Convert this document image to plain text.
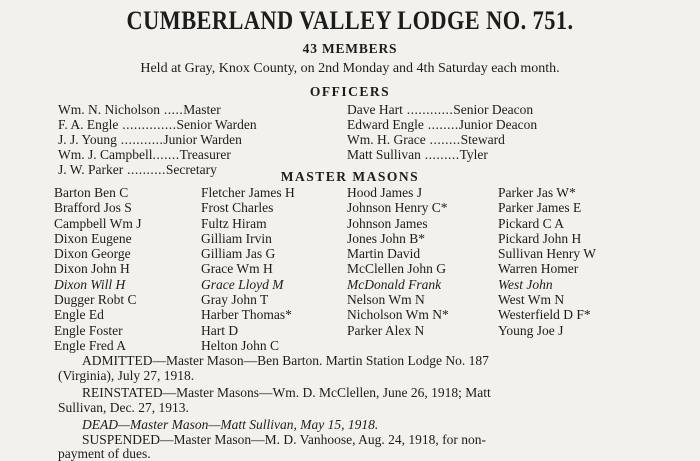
CUMBERLAND VALLEY LODGE NO. 751.
43 MEMBERS
Held at Gray, Knox County, on 2nd Monday and 4th Saturday each month.
OFFICERS
Wm. N. Nicholson .....Master
F. A. Engle ..............Senior Warden
J. J. Young ...........Junior Warden
Wm. J. Campbell.......Treasurer
J. W. Parker ..........Secretary
Dave Hart ............Senior Deacon
Edward Engle ........Junior Deacon
Wm. H. Grace ........Steward
Matt Sullivan .........Tyler
MASTER MASONS
Barton Ben C
Brafford Jos S
Campbell Wm J
Dixon Eugene
Dixon George
Dixon John H
Dixon Will H
Dugger Robt C
Engle Ed
Engle Foster
Engle Fred A
Fletcher James H
Frost Charles
Fultz Hiram
Gilliam Irvin
Gilliam Jas G
Grace Wm H
Grace Lloyd M
Gray John T
Harber Thomas*
Hart D
Helton John C
Hood James J
Johnson Henry C*
Johnson James
Jones John B*
Martin David
McClellen John G
McDonald Frank
Nelson Wm N
Nicholson Wm N*
Parker Alex N
Parker Jas W*
Parker James E
Pickard C A
Pickard John H
Sullivan Henry W
Warren Homer
West John
West Wm N
Westerfield D F*
Young Joe J
ADMITTED—Master Mason—Ben Barton. Martin Station Lodge No. 187
(Virginia), July 27, 1918.
REINSTATED—Master Masons—Wm. D. McClellen, June 26, 1918; Matt
Sullivan, Dec. 27, 1913.
DEAD—Master Mason—Matt Sullivan, May 15, 1918.
SUSPENDED—Master Mason—M. D. Vanhoose, Aug. 24, 1918, for non-
payment of dues.
